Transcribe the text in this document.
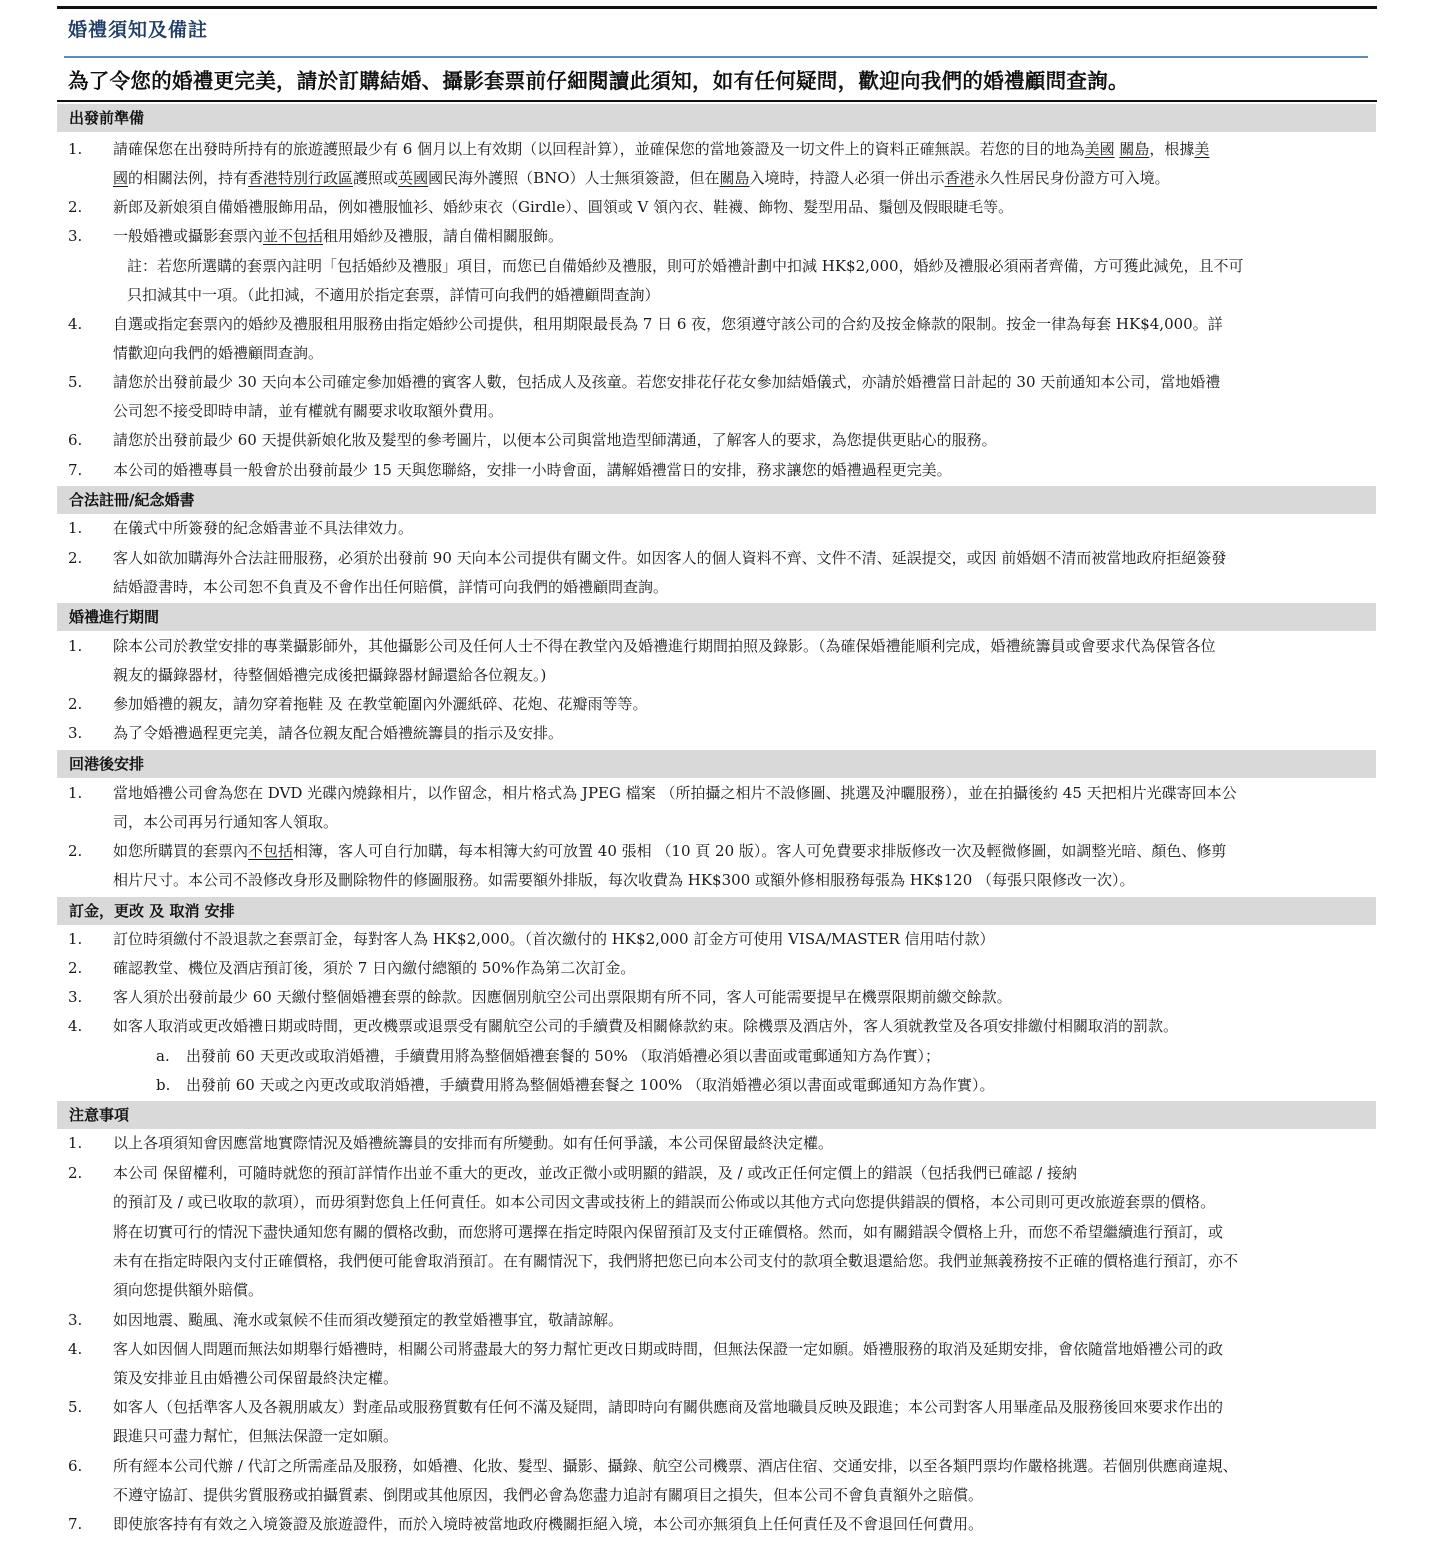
婚禮須知及備註
為了令您的婚禮更完美，請於訂購結婚、攝影套票前仔細閱讀此須知，如有任何疑問，歡迎向我們的婚禮顧問查詢。
出發前準備
1. 請確保您在出發時所持有的旅遊護照最少有 6 個月以上有效期（以回程計算），並確保您的當地簽證及一切文件上的資料正確無誤。若您的目的地為美國 關島，根據美
國的相關法例，持有香港特別行政區護照或英國國民海外護照（BNO）人士無須簽證，但在關島入境時，持證人必須一併出示香港永久性居民身份證方可入境。
2. 新郎及新娘須自備婚禮服飾用品，例如禮服恤衫、婚紗束衣（Girdle）、圓領或 V 領內衣、鞋襪、飾物、髮型用品、鬚刨及假眼睫毛等。
3. 一般婚禮或攝影套票內並不包括租用婚紗及禮服，請自備相關服飾。
註：若您所選購的套票內註明「包括婚紗及禮服」項目，而您已自備婚紗及禮服，則可於婚禮計劃中扣減 HK$2,000，婚紗及禮服必須兩者齊備，方可獲此減免，且不可
只扣減其中一項。（此扣減，不適用於指定套票，詳情可向我們的婚禮顧問查詢）
4. 自選或指定套票內的婚紗及禮服租用服務由指定婚紗公司提供，租用期限最長為 7 日 6 夜，您須遵守該公司的合約及按金條款的限制。按金一律為每套 HK$4,000。詳
情歡迎向我們的婚禮顧問查詢。
5. 請您於出發前最少 30 天向本公司確定參加婚禮的賓客人數，包括成人及孩童。若您安排花仔花女參加結婚儀式，亦請於婚禮當日計起的 30 天前通知本公司，當地婚禮
公司恕不接受即時申請，並有權就有關要求收取額外費用。
6. 請您於出發前最少 60 天提供新娘化妝及髮型的參考圖片，以便本公司與當地造型師溝通，了解客人的要求，為您提供更貼心的服務。
7. 本公司的婚禮專員一般會於出發前最少 15 天與您聯絡，安排一小時會面，講解婚禮當日的安排，務求讓您的婚禮過程更完美。
合法註冊/紀念婚書
1. 在儀式中所簽發的紀念婚書並不具法律效力。
2. 客人如欲加購海外合法註冊服務，必須於出發前 90 天向本公司提供有關文件。如因客人的個人資料不齊、文件不清、延誤提交，或因 前婚姻不清而被當地政府拒絕簽發
結婚證書時，本公司恕不負責及不會作出任何賠償，詳情可向我們的婚禮顧問查詢。
婚禮進行期間
1. 除本公司於教堂安排的專業攝影師外，其他攝影公司及任何人士不得在教堂內及婚禮進行期間拍照及錄影。（為確保婚禮能順利完成，婚禮統籌員或會要求代為保管各位
親友的攝錄器材，待整個婚禮完成後把攝錄器材歸還給各位親友。)
2. 參加婚禮的親友，請勿穿着拖鞋 及 在教堂範圍內外灑紙碎、花炮、花瓣雨等等。
3. 為了令婚禮過程更完美，請各位親友配合婚禮統籌員的指示及安排。
回港後安排
1. 當地婚禮公司會為您在 DVD 光碟內燒錄相片，以作留念，相片格式為 JPEG 檔案 （所拍攝之相片不設修圖、挑選及沖曬服務），並在拍攝後約 45 天把相片光碟寄回本公
司，本公司再另行通知客人領取。
2. 如您所購買的套票內不包括相簿，客人可自行加購，每本相簿大約可放置 40 張相 （10 頁 20 版）。客人可免費要求排版修改一次及輕微修圖，如調整光暗、顏色、修剪
相片尺寸。本公司不設修改身形及刪除物件的修圖服務。如需要額外排版，每次收費為 HK$300 或額外修相服務每張為 HK$120 （每張只限修改一次）。
訂金，更改 及 取消 安排
1. 訂位時須繳付不設退款之套票訂金，每對客人為 HK$2,000。（首次繳付的 HK$2,000 訂金方可使用 VISA/MASTER 信用咭付款）
2. 確認教堂、機位及酒店預訂後，須於 7 日內繳付總額的 50%作為第二次訂金。
3. 客人須於出發前最少 60 天繳付整個婚禮套票的餘款。因應個別航空公司出票限期有所不同，客人可能需要提早在機票限期前繳交餘款。
4. 如客人取消或更改婚禮日期或時間，更改機票或退票受有關航空公司的手續費及相關條款約束。除機票及酒店外，客人須就教堂及各項安排繳付相關取消的罰款。
a. 出發前 60 天更改或取消婚禮，手續費用將為整個婚禮套餐的 50% （取消婚禮必須以書面或電郵通知方為作實）；
b. 出發前 60 天或之內更改或取消婚禮，手續費用將為整個婚禮套餐之 100% （取消婚禮必須以書面或電郵通知方為作實）。
注意事項
1. 以上各項須知會因應當地實際情況及婚禮統籌員的安排而有所變動。如有任何爭議，本公司保留最終決定權。
2. 本公司 保留權利，可隨時就您的預訂詳情作出並不重大的更改，並改正微小或明顯的錯誤，及 / 或改正任何定價上的錯誤（包括我們已確認 / 接納
的預訂及 / 或已收取的款項），而毋須對您負上任何責任。如本公司因文書或技術上的錯誤而公佈或以其他方式向您提供錯誤的價格，本公司則可更改旅遊套票的價格。
將在切實可行的情況下盡快通知您有關的價格改動，而您將可選擇在指定時限內保留預訂及支付正確價格。然而，如有關錯誤令價格上升，而您不希望繼續進行預訂，或
未有在指定時限內支付正確價格，我們便可能會取消預訂。在有關情況下，我們將把您已向本公司支付的款項全數退還給您。我們並無義務按不正確的價格進行預訂，亦不
須向您提供額外賠償。
3. 如因地震、颱風、淹水或氣候不佳而須改變預定的教堂婚禮事宜，敬請諒解。
4. 客人如因個人問題而無法如期舉行婚禮時，相關公司將盡最大的努力幫忙更改日期或時間，但無法保證一定如願。婚禮服務的取消及延期安排，會依隨當地婚禮公司的政
策及安排並且由婚禮公司保留最終決定權。
5. 如客人（包括準客人及各親朋戚友）對產品或服務質數有任何不滿及疑問，請即時向有關供應商及當地職員反映及跟進；本公司對客人用畢產品及服務後回來要求作出的
跟進只可盡力幫忙，但無法保證一定如願。
6. 所有經本公司代辦 / 代訂之所需產品及服務，如婚禮、化妝、髮型、攝影、攝錄、航空公司機票、酒店住宿、交通安排，以至各類門票均作嚴格挑選。若個別供應商違規、
不遵守協訂、提供劣質服務或拍攝質素、倒閉或其他原因，我們必會為您盡力追討有關項目之損失，但本公司不會負責額外之賠償。
7. 即使旅客持有有效之入境簽證及旅遊證件，而於入境時被當地政府機關拒絕入境，本公司亦無須負上任何責任及不會退回任何費用。
